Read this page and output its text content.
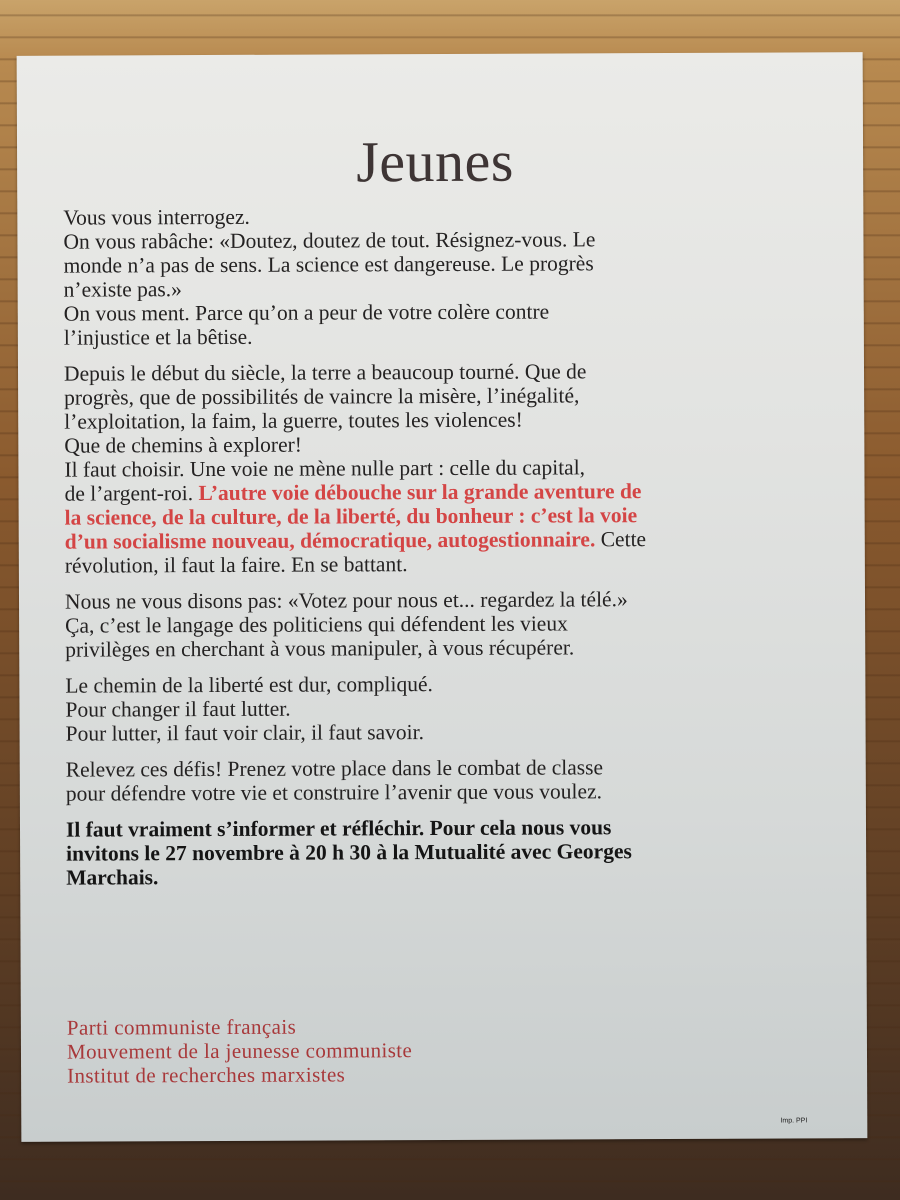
Jeunes

Vous vous interrogez.
On vous rabâche: «Doutez, doutez de tout. Résignez-vous. Le
monde n’a pas de sens. La science est dangereuse. Le progrès
n’existe pas.»
On vous ment. Parce qu’on a peur de votre colère contre
l’injustice et la bêtise.

Depuis le début du siècle, la terre a beaucoup tourné. Que de
progrès, que de possibilités de vaincre la misère, l’inégalité,
l’exploitation, la faim, la guerre, toutes les violences!
Que de chemins à explorer!
Il faut choisir. Une voie ne mène nulle part : celle du capital,
de l’argent-roi. L’autre voie débouche sur la grande aventure de
la science, de la culture, de la liberté, du bonheur : c’est la voie
d’un socialisme nouveau, démocratique, autogestionnaire. Cette
révolution, il faut la faire. En se battant.

Nous ne vous disons pas: «Votez pour nous et... regardez la télé.»
Ça, c’est le langage des politiciens qui défendent les vieux
privilèges en cherchant à vous manipuler, à vous récupérer.

Le chemin de la liberté est dur, compliqué.
Pour changer il faut lutter.
Pour lutter, il faut voir clair, il faut savoir.

Relevez ces défis! Prenez votre place dans le combat de classe
pour défendre votre vie et construire l’avenir que vous voulez.

Il faut vraiment s’informer et réfléchir. Pour cela nous vous
invitons le 27 novembre à 20 h 30 à la Mutualité avec Georges
Marchais.

Parti communiste français
Mouvement de la jeunesse communiste
Institut de recherches marxistes
Imp. PPI
